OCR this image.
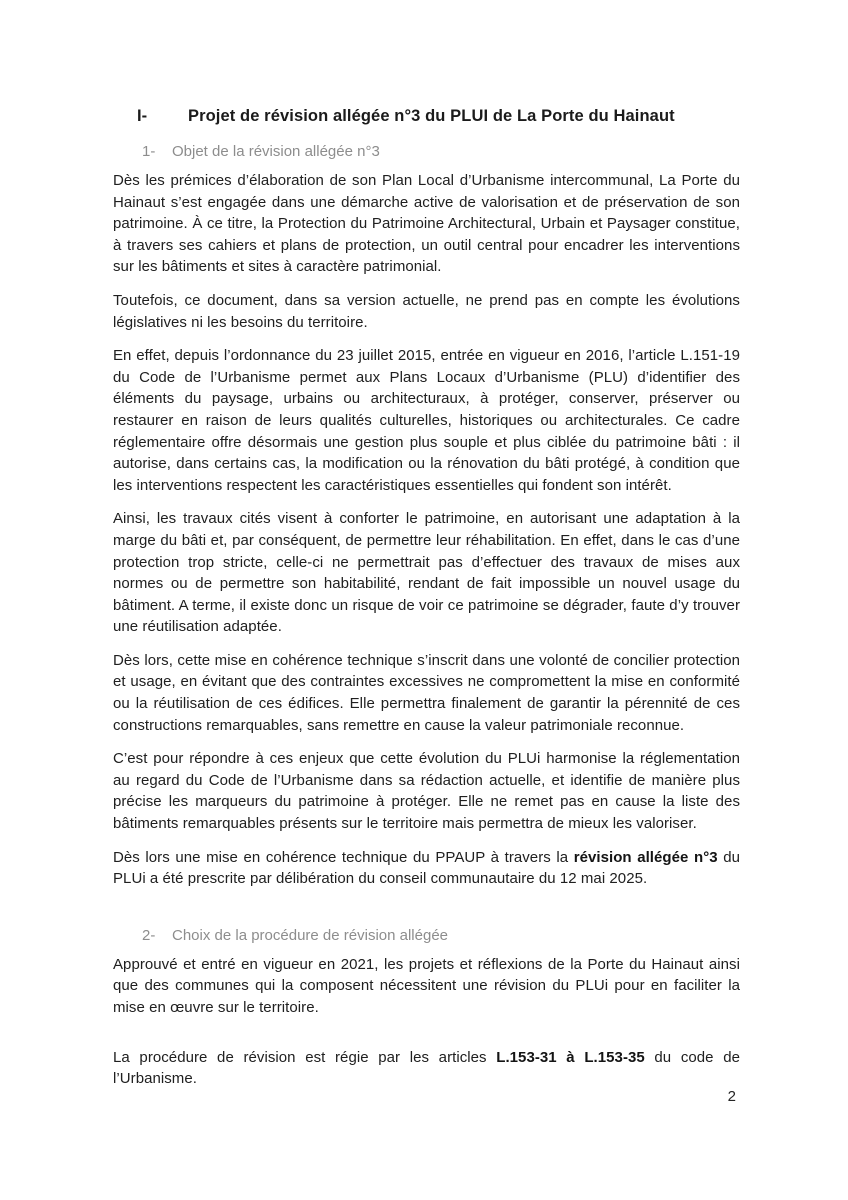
I-	Projet de révision allégée n°3 du PLUI de La Porte du Hainaut
1-	Objet de la révision allégée n°3

Dès les prémices d’élaboration de son Plan Local d’Urbanisme intercommunal, La Porte du Hainaut s’est engagée dans une démarche active de valorisation et de préservation de son patrimoine. À ce titre, la Protection du Patrimoine Architectural, Urbain et Paysager constitue, à travers ses cahiers et plans de protection, un outil central pour encadrer les interventions sur les bâtiments et sites à caractère patrimonial.

Toutefois, ce document, dans sa version actuelle, ne prend pas en compte les évolutions législatives ni les besoins du territoire.

En effet, depuis l’ordonnance du 23 juillet 2015, entrée en vigueur en 2016, l’article L.151-19 du Code de l’Urbanisme permet aux Plans Locaux d’Urbanisme (PLU) d’identifier des éléments du paysage, urbains ou architecturaux, à protéger, conserver, préserver ou restaurer en raison de leurs qualités culturelles, historiques ou architecturales. Ce cadre réglementaire offre désormais une gestion plus souple et plus ciblée du patrimoine bâti : il autorise, dans certains cas, la modification ou la rénovation du bâti protégé, à condition que les interventions respectent les caractéristiques essentielles qui fondent son intérêt.

Ainsi, les travaux cités visent à conforter le patrimoine, en autorisant une adaptation à la marge du bâti et, par conséquent, de permettre leur réhabilitation. En effet, dans le cas d’une protection trop stricte, celle-ci ne permettrait pas d’effectuer des travaux de mises aux normes ou de permettre son habitabilité, rendant de fait impossible un nouvel usage du bâtiment. A terme, il existe donc un risque de voir ce patrimoine se dégrader, faute d’y trouver une réutilisation adaptée.

Dès lors, cette mise en cohérence technique s’inscrit dans une volonté de concilier protection et usage, en évitant que des contraintes excessives ne compromettent la mise en conformité ou la réutilisation de ces édifices. Elle permettra finalement de garantir la pérennité de ces constructions remarquables, sans remettre en cause la valeur patrimoniale reconnue.

C’est pour répondre à ces enjeux que cette évolution du PLUi harmonise la réglementation au regard du Code de l’Urbanisme dans sa rédaction actuelle, et identifie de manière plus précise les marqueurs du patrimoine à protéger. Elle ne remet pas en cause la liste des bâtiments remarquables présents sur le territoire mais permettra de mieux les valoriser.

Dès lors une mise en cohérence technique du PPAUP à travers la révision allégée n°3 du PLUi a été prescrite par délibération du conseil communautaire du 12 mai 2025.

2-	Choix de la procédure de révision allégée

Approuvé et entré en vigueur en 2021, les projets et réflexions de la Porte du Hainaut ainsi que des communes qui la composent nécessitent une révision du PLUi pour en faciliter la mise en œuvre sur le territoire.

La procédure de révision est régie par les articles L.153-31 à L.153-35 du code de l’Urbanisme.

2
